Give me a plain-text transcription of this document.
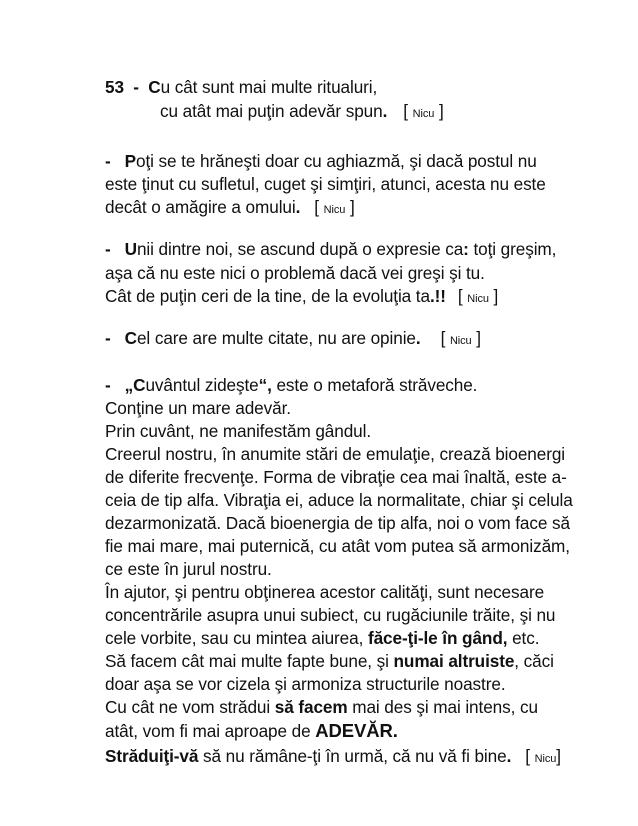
53 - Cu cât sunt mai multe ritualuri,
cu atât mai puţin adevăr spun. [ Nicu ]
- Poţi se te hrăneşti doar cu aghiazmă, şi dacă postul nu
este ţinut cu sufletul, cuget şi simţiri, atunci, acesta nu este
decât o amăgire a omului. [ Nicu ]
- Unii dintre noi, se ascund după o expresie ca: toţi greşim,
aşa că nu este nici o problemă dacă vei greşi şi tu.
Cât de puţin ceri de la tine, de la evoluţia ta.!! [ Nicu ]
- Cel care are multe citate, nu are opinie. [ Nicu ]
- „Cuvântul zideşte“, este o metaforă străveche.
Conţine un mare adevăr.
Prin cuvânt, ne manifestăm gândul.
Creerul nostru, în anumite stări de emulaţie, crează bioenergi
de diferite frecvenţe. Forma de vibraţie cea mai înaltă, este a-
ceia de tip alfa. Vibraţia ei, aduce la normalitate, chiar şi celula
dezarmonizată. Dacă bioenergia de tip alfa, noi o vom face să
fie mai mare, mai puternică, cu atât vom putea să armonizăm,
ce este în jurul nostru.
În ajutor, şi pentru obţinerea acestor calităţi, sunt necesare
concentrările asupra unui subiect, cu rugăciunile trăite, şi nu
cele vorbite, sau cu mintea aiurea, făce-ţi-le în gând, etc.
Să facem cât mai multe fapte bune, şi numai altruiste, căci
doar aşa se vor cizela şi armoniza structurile noastre.
Cu cât ne vom strădui să facem mai des şi mai intens, cu
atât, vom fi mai aproape de ADEVĂR.
Străduiţi-vă să nu rămâne-ţi în urmă, că nu vă fi bine. [ Nicu]
